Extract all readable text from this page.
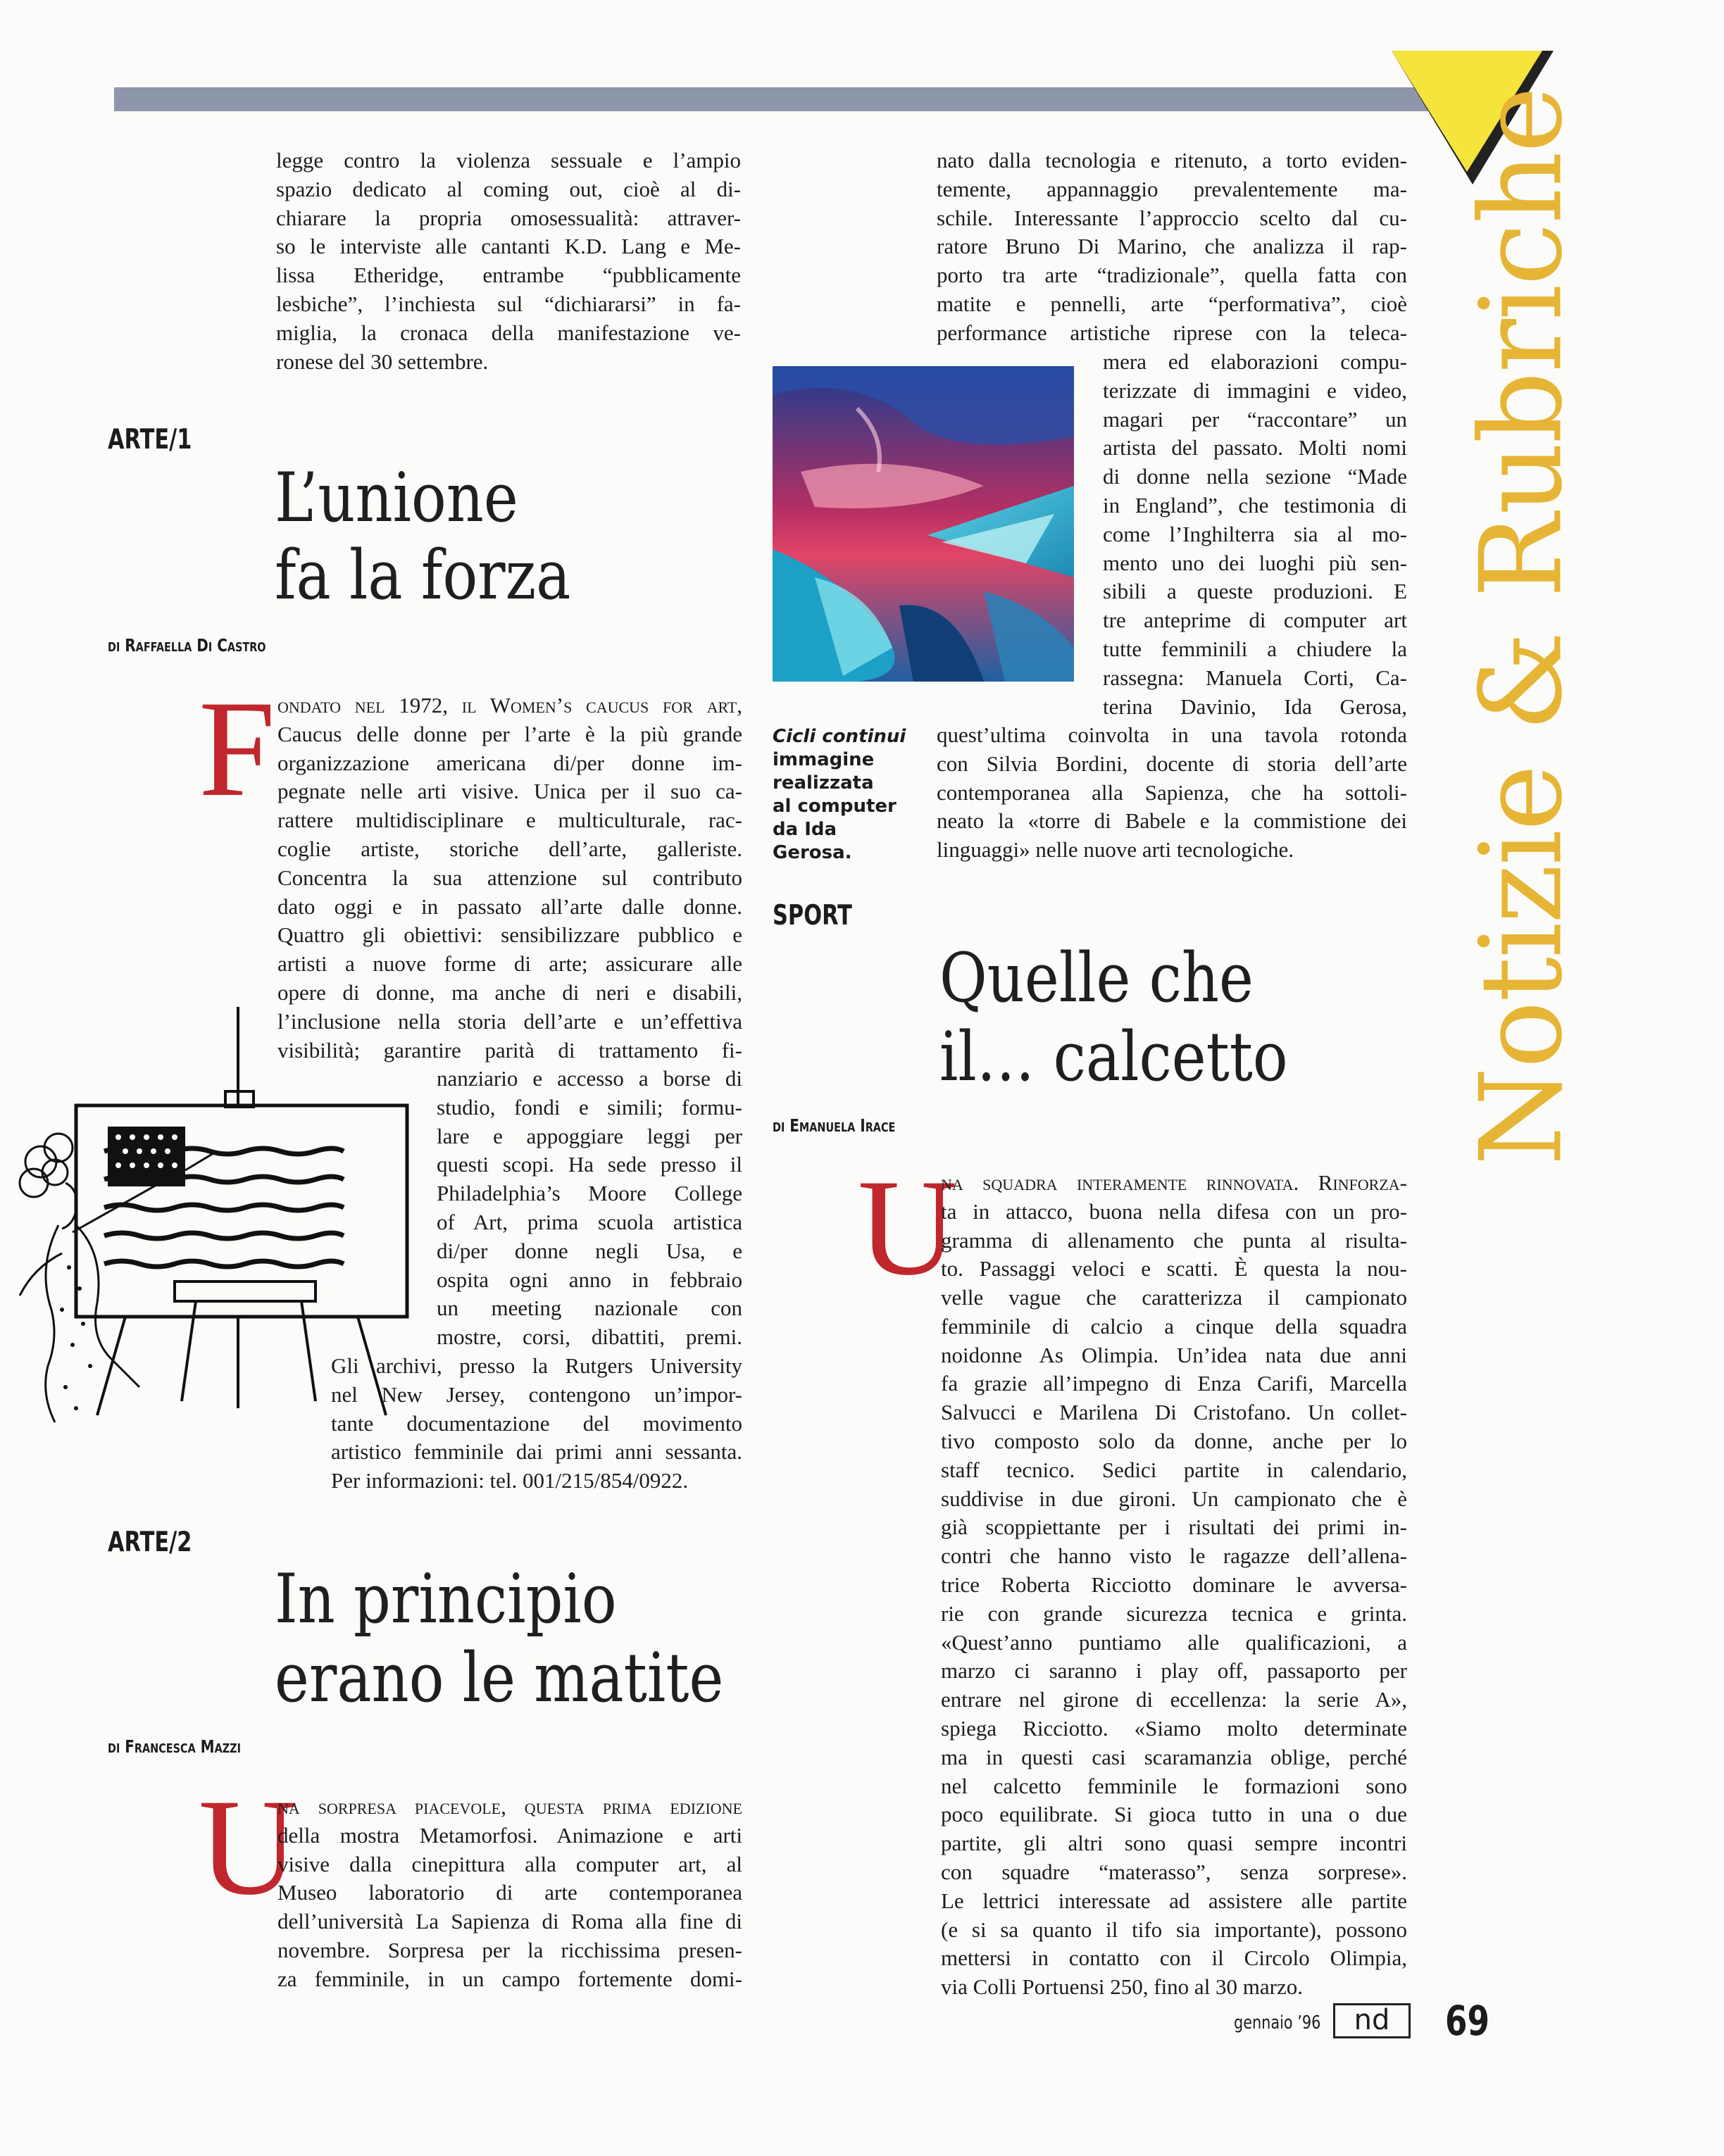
Notizie & Rubriche
legge contro la violenza sessuale e l’ampio
spazio dedicato al coming out, cioè al di-
chiarare la propria omosessualità: attraver-
so le interviste alle cantanti K.D. Lang e Me-
lissa Etheridge, entrambe “pubblicamente
lesbiche”, l’inchiesta sul “dichiararsi” in fa-
miglia, la cronaca della manifestazione ve-
ronese del 30 settembre.
ARTE/1
L’unione
fa la forza
di Raffaella Di Castro
F ondato nel 1972, il Women’s caucus for art,
Caucus delle donne per l’arte è la più grande
organizzazione americana di/per donne im-
pegnate nelle arti visive. Unica per il suo ca-
rattere multidisciplinare e multiculturale, rac-
coglie artiste, storiche dell’arte, galleriste.
Concentra la sua attenzione sul contributo
dato oggi e in passato all’arte dalle donne.
Quattro gli obiettivi: sensibilizzare pubblico e
artisti a nuove forme di arte; assicurare alle
opere di donne, ma anche di neri e disabili,
l’inclusione nella storia dell’arte e un’effettiva
visibilità; garantire parità di trattamento fi-
nanziario e accesso a borse di
studio, fondi e simili; formu-
lare e appoggiare leggi per
questi scopi. Ha sede presso il
Philadelphia’s Moore College
of Art, prima scuola artistica
di/per donne negli Usa, e
ospita ogni anno in febbraio
un meeting nazionale con
mostre, corsi, dibattiti, premi.
Gli archivi, presso la Rutgers University
nel New Jersey, contengono un’impor-
tante documentazione del movimento
artistico femminile dai primi anni sessanta.
Per informazioni: tel. 001/215/854/0922.
ARTE/2
In principio
erano le matite
di Francesca Mazzi
U
na sorpresa piacevole, questa prima edizione
della mostra Metamorfosi. Animazione e arti
visive dalla cinepittura alla computer art, al
Museo laboratorio di arte contemporanea
dell’università La Sapienza di Roma alla fine di
novembre. Sorpresa per la ricchissima presen-
za femminile, in un campo fortemente domi-
nato dalla tecnologia e ritenuto, a torto eviden-
temente, appannaggio prevalentemente ma-
schile. Interessante l’approccio scelto dal cu-
ratore Bruno Di Marino, che analizza il rap-
porto tra arte “tradizionale”, quella fatta con
matite e pennelli, arte “performativa”, cioè
performance artistiche riprese con la teleca-
mera ed elaborazioni compu-
terizzate di immagini e video,
magari per “raccontare” un
artista del passato. Molti nomi
di donne nella sezione “Made
in England”, che testimonia di
come l’Inghilterra sia al mo-
mento uno dei luoghi più sen-
sibili a queste produzioni. E
tre anteprime di computer art
tutte femminili a chiudere la
rassegna: Manuela Corti, Ca-
terina Davinio, Ida Gerosa,
quest’ultima coinvolta in una tavola rotonda
con Silvia Bordini, docente di storia dell’arte
contemporanea alla Sapienza, che ha sottoli-
neato la «torre di Babele e la commistione dei
linguaggi» nelle nuove arti tecnologiche.
Cicli continui
immagine
realizzata
al computer
da Ida
Gerosa.
SPORT
Quelle che
il… calcetto
di Emanuela Irace
U
na squadra interamente rinnovata. Rinforza-
ta in attacco, buona nella difesa con un pro-
gramma di allenamento che punta al risulta-
to. Passaggi veloci e scatti. È questa la nou-
velle vague che caratterizza il campionato
femminile di calcio a cinque della squadra
noidonne As Olimpia. Un’idea nata due anni
fa grazie all’impegno di Enza Carifi, Marcella
Salvucci e Marilena Di Cristofano. Un collet-
tivo composto solo da donne, anche per lo
staff tecnico. Sedici partite in calendario,
suddivise in due gironi. Un campionato che è
già scoppiettante per i risultati dei primi in-
contri che hanno visto le ragazze dell’allena-
trice Roberta Ricciotto dominare le avversa-
rie con grande sicurezza tecnica e grinta.
«Quest’anno puntiamo alle qualificazioni, a
marzo ci saranno i play off, passaporto per
entrare nel girone di eccellenza: la serie A»,
spiega Ricciotto. «Siamo molto determinate
ma in questi casi scaramanzia oblige, perché
nel calcetto femminile le formazioni sono
poco equilibrate. Si gioca tutto in una o due
partite, gli altri sono quasi sempre incontri
con squadre “materasso”, senza sorprese».
Le lettrici interessate ad assistere alle partite
(e si sa quanto il tifo sia importante), possono
mettersi in contatto con il Circolo Olimpia,
via Colli Portuensi 250, fino al 30 marzo.
gennaio ’96	nd	69
